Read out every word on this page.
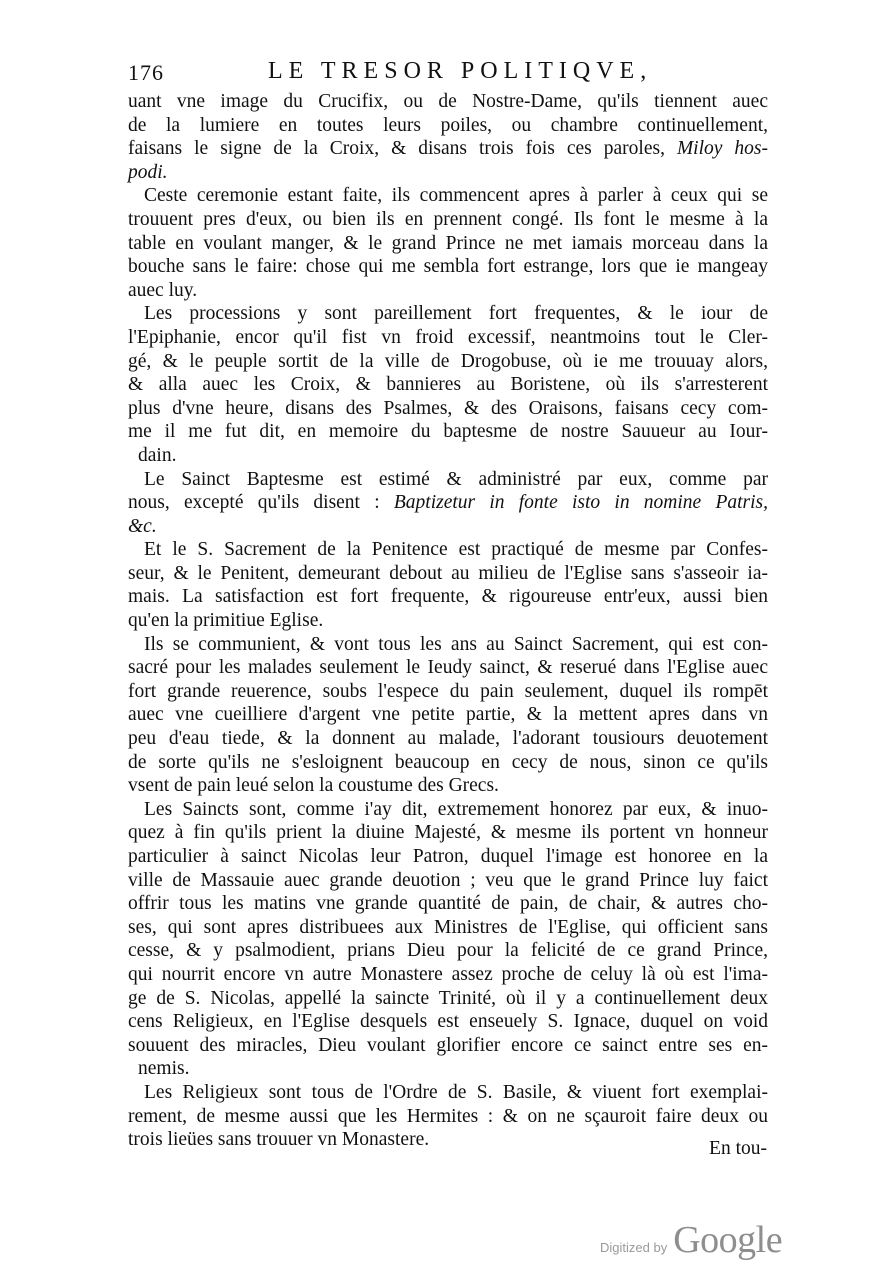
176	LE TRESOR POLITIQVE,
uant vne image du Crucifix, ou de Nostre-Dame, qu'ils tiennent auec
de la lumiere en toutes leurs poiles, ou chambre continuellement,
faisans le signe de la Croix, & disans trois fois ces paroles, Miloy hos-
podi.
Ceste ceremonie estant faite, ils commencent apres à parler à ceux qui se
trouuent pres d'eux, ou bien ils en prennent congé. Ils font le mesme à la
table en voulant manger, & le grand Prince ne met iamais morceau dans la
bouche sans le faire: chose qui me sembla fort estrange, lors que ie mangeay
auec luy.
Les processions y sont pareillement fort frequentes, & le iour de
l'Epiphanie, encor qu'il fist vn froid excessif, neantmoins tout le Cler-
gé, & le peuple sortit de la ville de Drogobuse, où ie me trouuay alors,
& alla auec les Croix, & bannieres au Boristene, où ils s'arresterent
plus d'vne heure, disans des Psalmes, & des Oraisons, faisans cecy com-
me il me fut dit, en memoire du baptesme de nostre Sauueur au Iour-
dain.
Le Sainct Baptesme est estimé & administré par eux, comme par
nous, excepté qu'ils disent : Baptizetur in fonte isto in nomine Patris,
&c.
Et le S. Sacrement de la Penitence est practiqué de mesme par Confes-
seur, & le Penitent, demeurant debout au milieu de l'Eglise sans s'asseoir ia-
mais. La satisfaction est fort frequente, & rigoureuse entr'eux, aussi bien
qu'en la primitiue Eglise.
Ils se communient, & vont tous les ans au Sainct Sacrement, qui est con-
sacré pour les malades seulement le Ieudy sainct, & reserué dans l'Eglise auec
fort grande reuerence, soubs l'espece du pain seulement, duquel ils rompēt
auec vne cueilliere d'argent vne petite partie, & la mettent apres dans vn
peu d'eau tiede, & la donnent au malade, l'adorant tousiours deuotement
de sorte qu'ils ne s'esloignent beaucoup en cecy de nous, sinon ce qu'ils
vsent de pain leué selon la coustume des Grecs.
Les Saincts sont, comme i'ay dit, extremement honorez par eux, & inuo-
quez à fin qu'ils prient la diuine Majesté, & mesme ils portent vn honneur
particulier à sainct Nicolas leur Patron, duquel l'image est honoree en la
ville de Massauie auec grande deuotion ; veu que le grand Prince luy faict
offrir tous les matins vne grande quantité de pain, de chair, & autres cho-
ses, qui sont apres distribuees aux Ministres de l'Eglise, qui officient sans
cesse, & y psalmodient, prians Dieu pour la felicité de ce grand Prince,
qui nourrit encore vn autre Monastere assez proche de celuy là où est l'ima-
ge de S. Nicolas, appellé la saincte Trinité, où il y a continuellement deux
cens Religieux, en l'Eglise desquels est enseuely S. Ignace, duquel on void
souuent des miracles, Dieu voulant glorifier encore ce sainct entre ses en-
nemis.
Les Religieux sont tous de l'Ordre de S. Basile, & viuent fort exemplai-
rement, de mesme aussi que les Hermites : & on ne sçauroit faire deux ou
trois lieües sans trouuer vn Monastere.	En tou-
Digitized by Google
